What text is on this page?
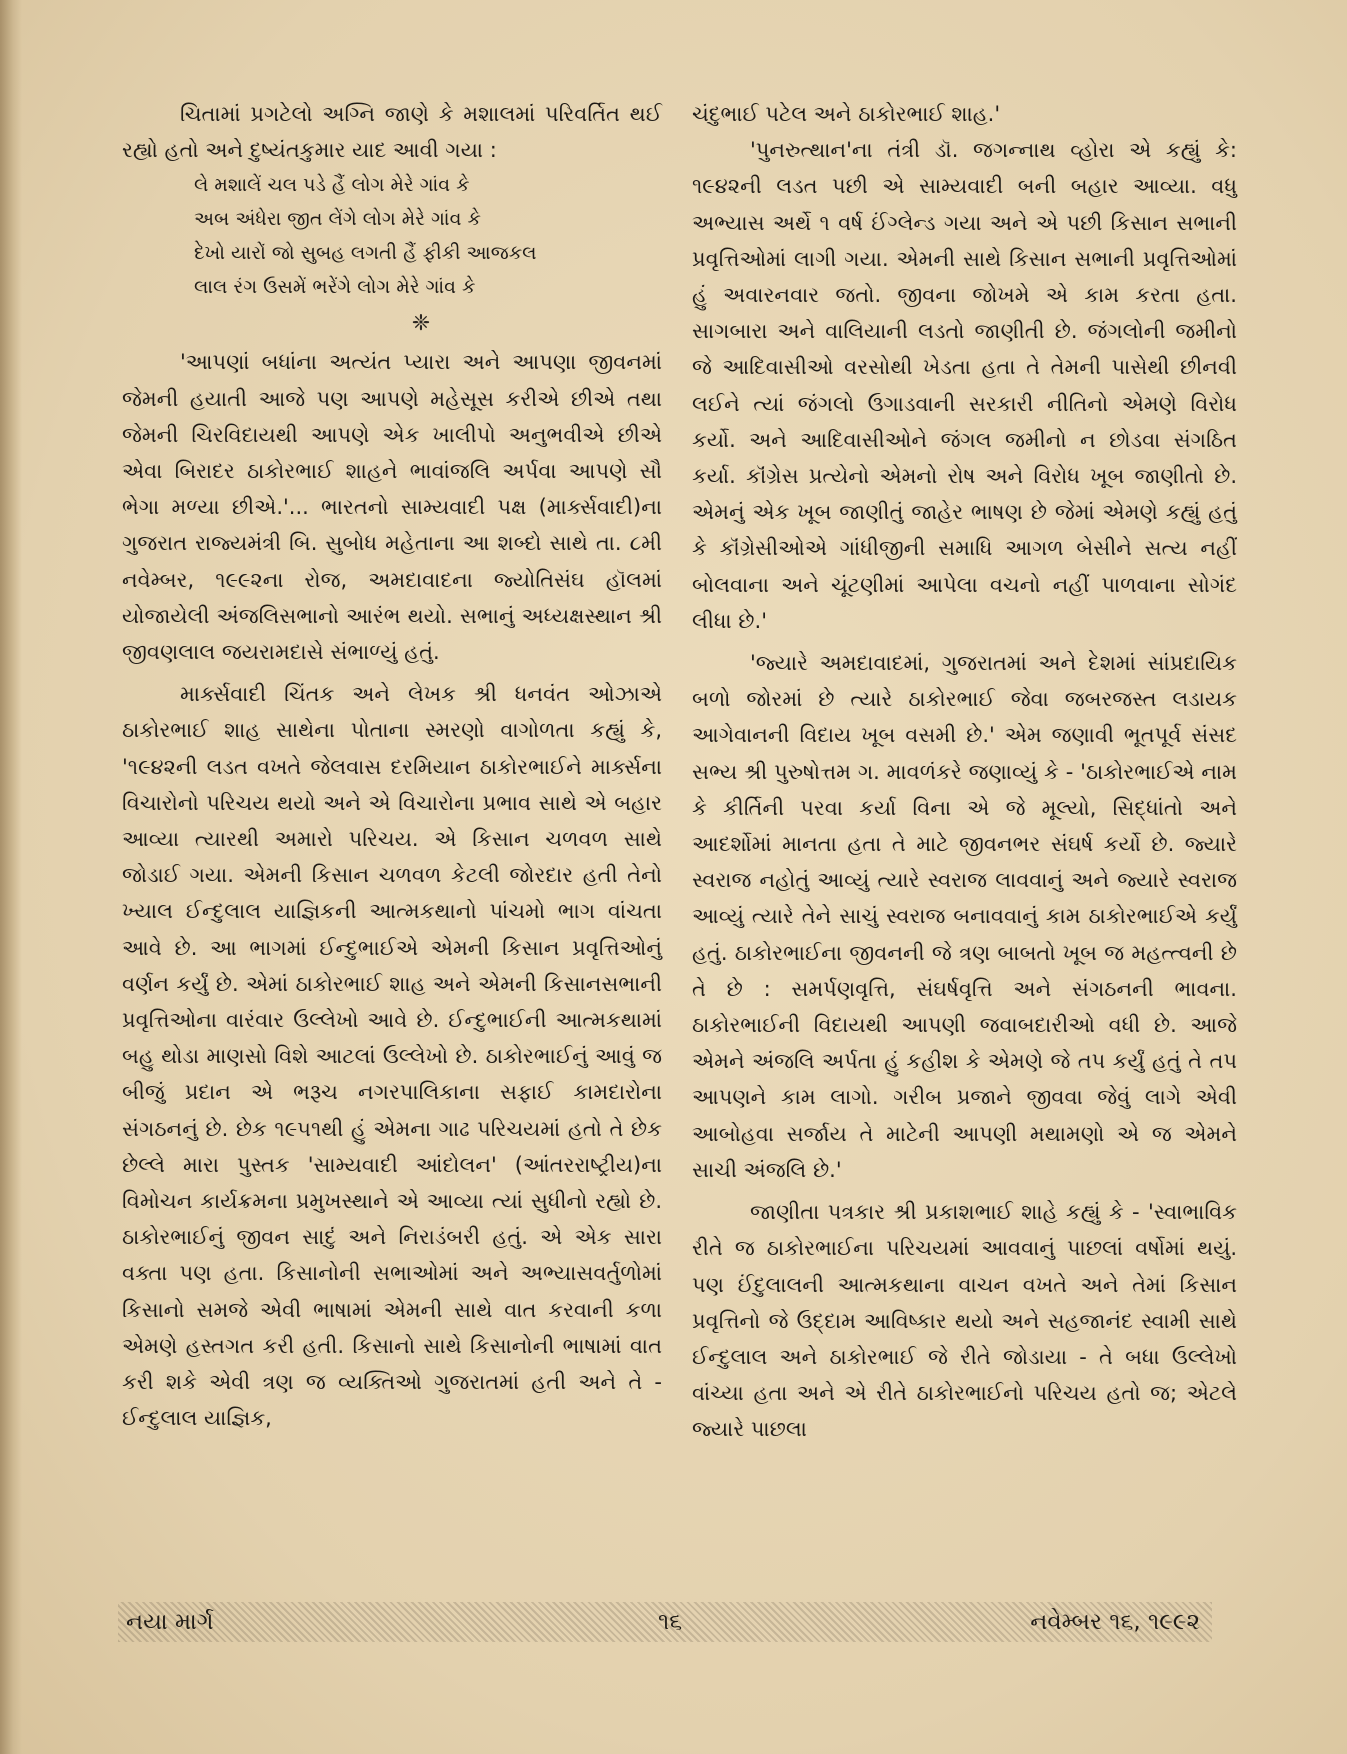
ચિતામાં પ્રગટેલો અગ્નિ જાણે કે મશાલમાં પરિવર્તિત થઈ રહ્યો હતો અને દુષ્યંતકુમાર યાદ આવી ગયા :

લે મશાલેં ચલ પડે હૈં લોગ મેરે ગાંવ કે
અબ અંધેરા જીત લેંગે લોગ મેરે ગાંવ કે
દેખો યારોં જો સુબહ લગતી હૈં ફીકી આજકલ
લાલ રંગ ઉસમેં ભરેંગે લોગ મેરે ગાંવ કે

❈

'આપણાં બધાંના અત્યંત પ્યારા અને આપણા જીવનમાં જેમની હયાતી આજે પણ આપણે મહેસૂસ કરીએ છીએ તથા જેમની ચિરવિદાયથી આપણે એક ખાલીપો અનુભવીએ છીએ એવા બિરાદર ઠાકોરભાઈ શાહને ભાવાંજલિ અર્પવા આપણે સૌ ભેગા મળ્યા છીએ.'... ભારતનો સામ્યવાદી પક્ષ (માર્ક્સવાદી)ના ગુજરાત રાજ્યમંત્રી બિ. સુબોધ મહેતાના આ શબ્દો સાથે તા. ૮મી નવેમ્બર, ૧૯૯૨ના રોજ, અમદાવાદના જ્યોતિસંઘ હૉલમાં યોજાયેલી અંજલિસભાનો આરંભ થયો. સભાનું અધ્યક્ષસ્થાન શ્રી જીવણલાલ જયરામદાસે સંભાળ્યું હતું.

માર્ક્સવાદી ચિંતક અને લેખક શ્રી ધનવંત ઓઝાએ ઠાકોરભાઈ શાહ સાથેના પોતાના સ્મરણો વાગોળતા કહ્યું કે, '૧૯૪૨ની લડત વખતે જેલવાસ દરમિયાન ઠાકોરભાઈને માર્ક્સના વિચારોનો પરિચય થયો અને એ વિચારોના પ્રભાવ સાથે એ બહાર આવ્યા ત્યારથી અમારો પરિચય. એ કિસાન ચળવળ સાથે જોડાઈ ગયા. એમની કિસાન ચળવળ કેટલી જોરદાર હતી તેનો ખ્યાલ ઈન્દુલાલ યાજ્ઞિકની આત્મકથાનો પાંચમો ભાગ વાંચતા આવે છે. આ ભાગમાં ઈન્દુભાઈએ એમની કિસાન પ્રવૃત્તિઓનું વર્ણન કર્યું છે. એમાં ઠાકોરભાઈ શાહ અને એમની કિસાનસભાની પ્રવૃત્તિઓના વારંવાર ઉલ્લેખો આવે છે. ઈન્દુભાઈની આત્મકથામાં બહુ થોડા માણસો વિશે આટલાં ઉલ્લેખો છે. ઠાકોરભાઈનું આવું જ બીજું પ્રદાન એ ભરૂચ નગરપાલિકાના સફાઈ કામદારોના સંગઠનનું છે. છેક ૧૯૫૧થી હું એમના ગાઢ પરિચયમાં હતો તે છેક છેલ્લે મારા પુસ્તક 'સામ્યવાદી આંદોલન' (આંતરરાષ્ટ્રીય)ના વિમોચન કાર્યક્રમના પ્રમુખસ્થાને એ આવ્યા ત્યાં સુધીનો રહ્યો છે. ઠાકોરભાઈનું જીવન સાદું અને નિરાડંબરી હતું. એ એક સારા વક્તા પણ હતા. કિસાનોની સભાઓમાં અને અભ્યાસવર્તુળોમાં કિસાનો સમજે એવી ભાષામાં એમની સાથે વાત કરવાની કળા એમણે હસ્તગત કરી હતી. કિસાનો સાથે કિસાનોની ભાષામાં વાત કરી શકે એવી ત્રણ જ વ્યક્તિઓ ગુજરાતમાં હતી અને તે - ઈન્દુલાલ યાજ્ઞિક,

ચંદુભાઈ પટેલ અને ઠાકોરભાઈ શાહ.'

'પુનરુત્થાન'ના તંત્રી ડૉ. જગન્નાથ વ્હોરા એ કહ્યું કે: ૧૯૪૨ની લડત પછી એ સામ્યવાદી બની બહાર આવ્યા. વધુ અભ્યાસ અર્થે ૧ વર્ષ ઈંગ્લેન્ડ ગયા અને એ પછી કિસાન સભાની પ્રવૃત્તિઓમાં લાગી ગયા. એમની સાથે કિસાન સભાની પ્રવૃત્તિઓમાં હું અવારનવાર જતો. જીવના જોખમે એ કામ કરતા હતા. સાગબારા અને વાલિયાની લડતો જાણીતી છે. જંગલોની જમીનો જે આદિવાસીઓ વરસોથી ખેડતા હતા તે તેમની પાસેથી છીનવી લઈને ત્યાં જંગલો ઉગાડવાની સરકારી નીતિનો એમણે વિરોધ કર્યો. અને આદિવાસીઓને જંગલ જમીનો ન છોડવા સંગઠિત કર્યા. કૉંગ્રેસ પ્રત્યેનો એમનો રોષ અને વિરોધ ખૂબ જાણીતો છે. એમનું એક ખૂબ જાણીતું જાહેર ભાષણ છે જેમાં એમણે કહ્યું હતું કે કૉંગ્રેસીઓએ ગાંધીજીની સમાધિ આગળ બેસીને સત્ય નહીં બોલવાના અને ચૂંટણીમાં આપેલા વચનો નહીં પાળવાના સોગંદ લીધા છે.'

'જ્યારે અમદાવાદમાં, ગુજરાતમાં અને દેશમાં સાંપ્રદાયિક બળો જોરમાં છે ત્યારે ઠાકોરભાઈ જેવા જબરજસ્ત લડાયક આગેવાનની વિદાય ખૂબ વસમી છે.' એમ જણાવી ભૂતપૂર્વ સંસદ સભ્ય શ્રી પુરુષોત્તમ ગ. માવળંકરે જણાવ્યું કે - 'ઠાકોરભાઈએ નામ કે કીર્તિની પરવા કર્યા વિના એ જે મૂલ્યો, સિદ્ધાંતો અને આદર્શોમાં માનતા હતા તે માટે જીવનભર સંઘર્ષ કર્યો છે. જ્યારે સ્વરાજ નહોતું આવ્યું ત્યારે સ્વરાજ લાવવાનું અને જ્યારે સ્વરાજ આવ્યું ત્યારે તેને સાચું સ્વરાજ બનાવવાનું કામ ઠાકોરભાઈએ કર્યું હતું. ઠાકોરભાઈના જીવનની જે ત્રણ બાબતો ખૂબ જ મહત્ત્વની છે તે છે : સમર્પણવૃત્તિ, સંઘર્ષવૃત્તિ અને સંગઠનની ભાવના. ઠાકોરભાઈની વિદાયથી આપણી જવાબદારીઓ વધી છે. આજે એમને અંજલિ અર્પતા હું કહીશ કે એમણે જે તપ કર્યું હતું તે તપ આપણને કામ લાગો. ગરીબ પ્રજાને જીવવા જેવું લાગે એવી આબોહવા સર્જાય તે માટેની આપણી મથામણો એ જ એમને સાચી અંજલિ છે.'

જાણીતા પત્રકાર શ્રી પ્રકાશભાઈ શાહે કહ્યું કે - 'સ્વાભાવિક રીતે જ ઠાકોરભાઈના પરિચયમાં આવવાનું પાછલાં વર્ષોમાં થયું. પણ ઈંદુલાલની આત્મકથાના વાચન વખતે અને તેમાં કિસાન પ્રવૃત્તિનો જે ઉદ્દામ આવિષ્કાર થયો અને સહજાનંદ સ્વામી સાથે ઈન્દુલાલ અને ઠાકોરભાઈ જે રીતે જોડાયા - તે બધા ઉલ્લેખો વાંચ્યા હતા અને એ રીતે ઠાકોરભાઈનો પરિચય હતો જ; એટલે જ્યારે પાછલા

નયા માર્ગ	૧૬	નવેમ્બર ૧૬, ૧૯૯૨
